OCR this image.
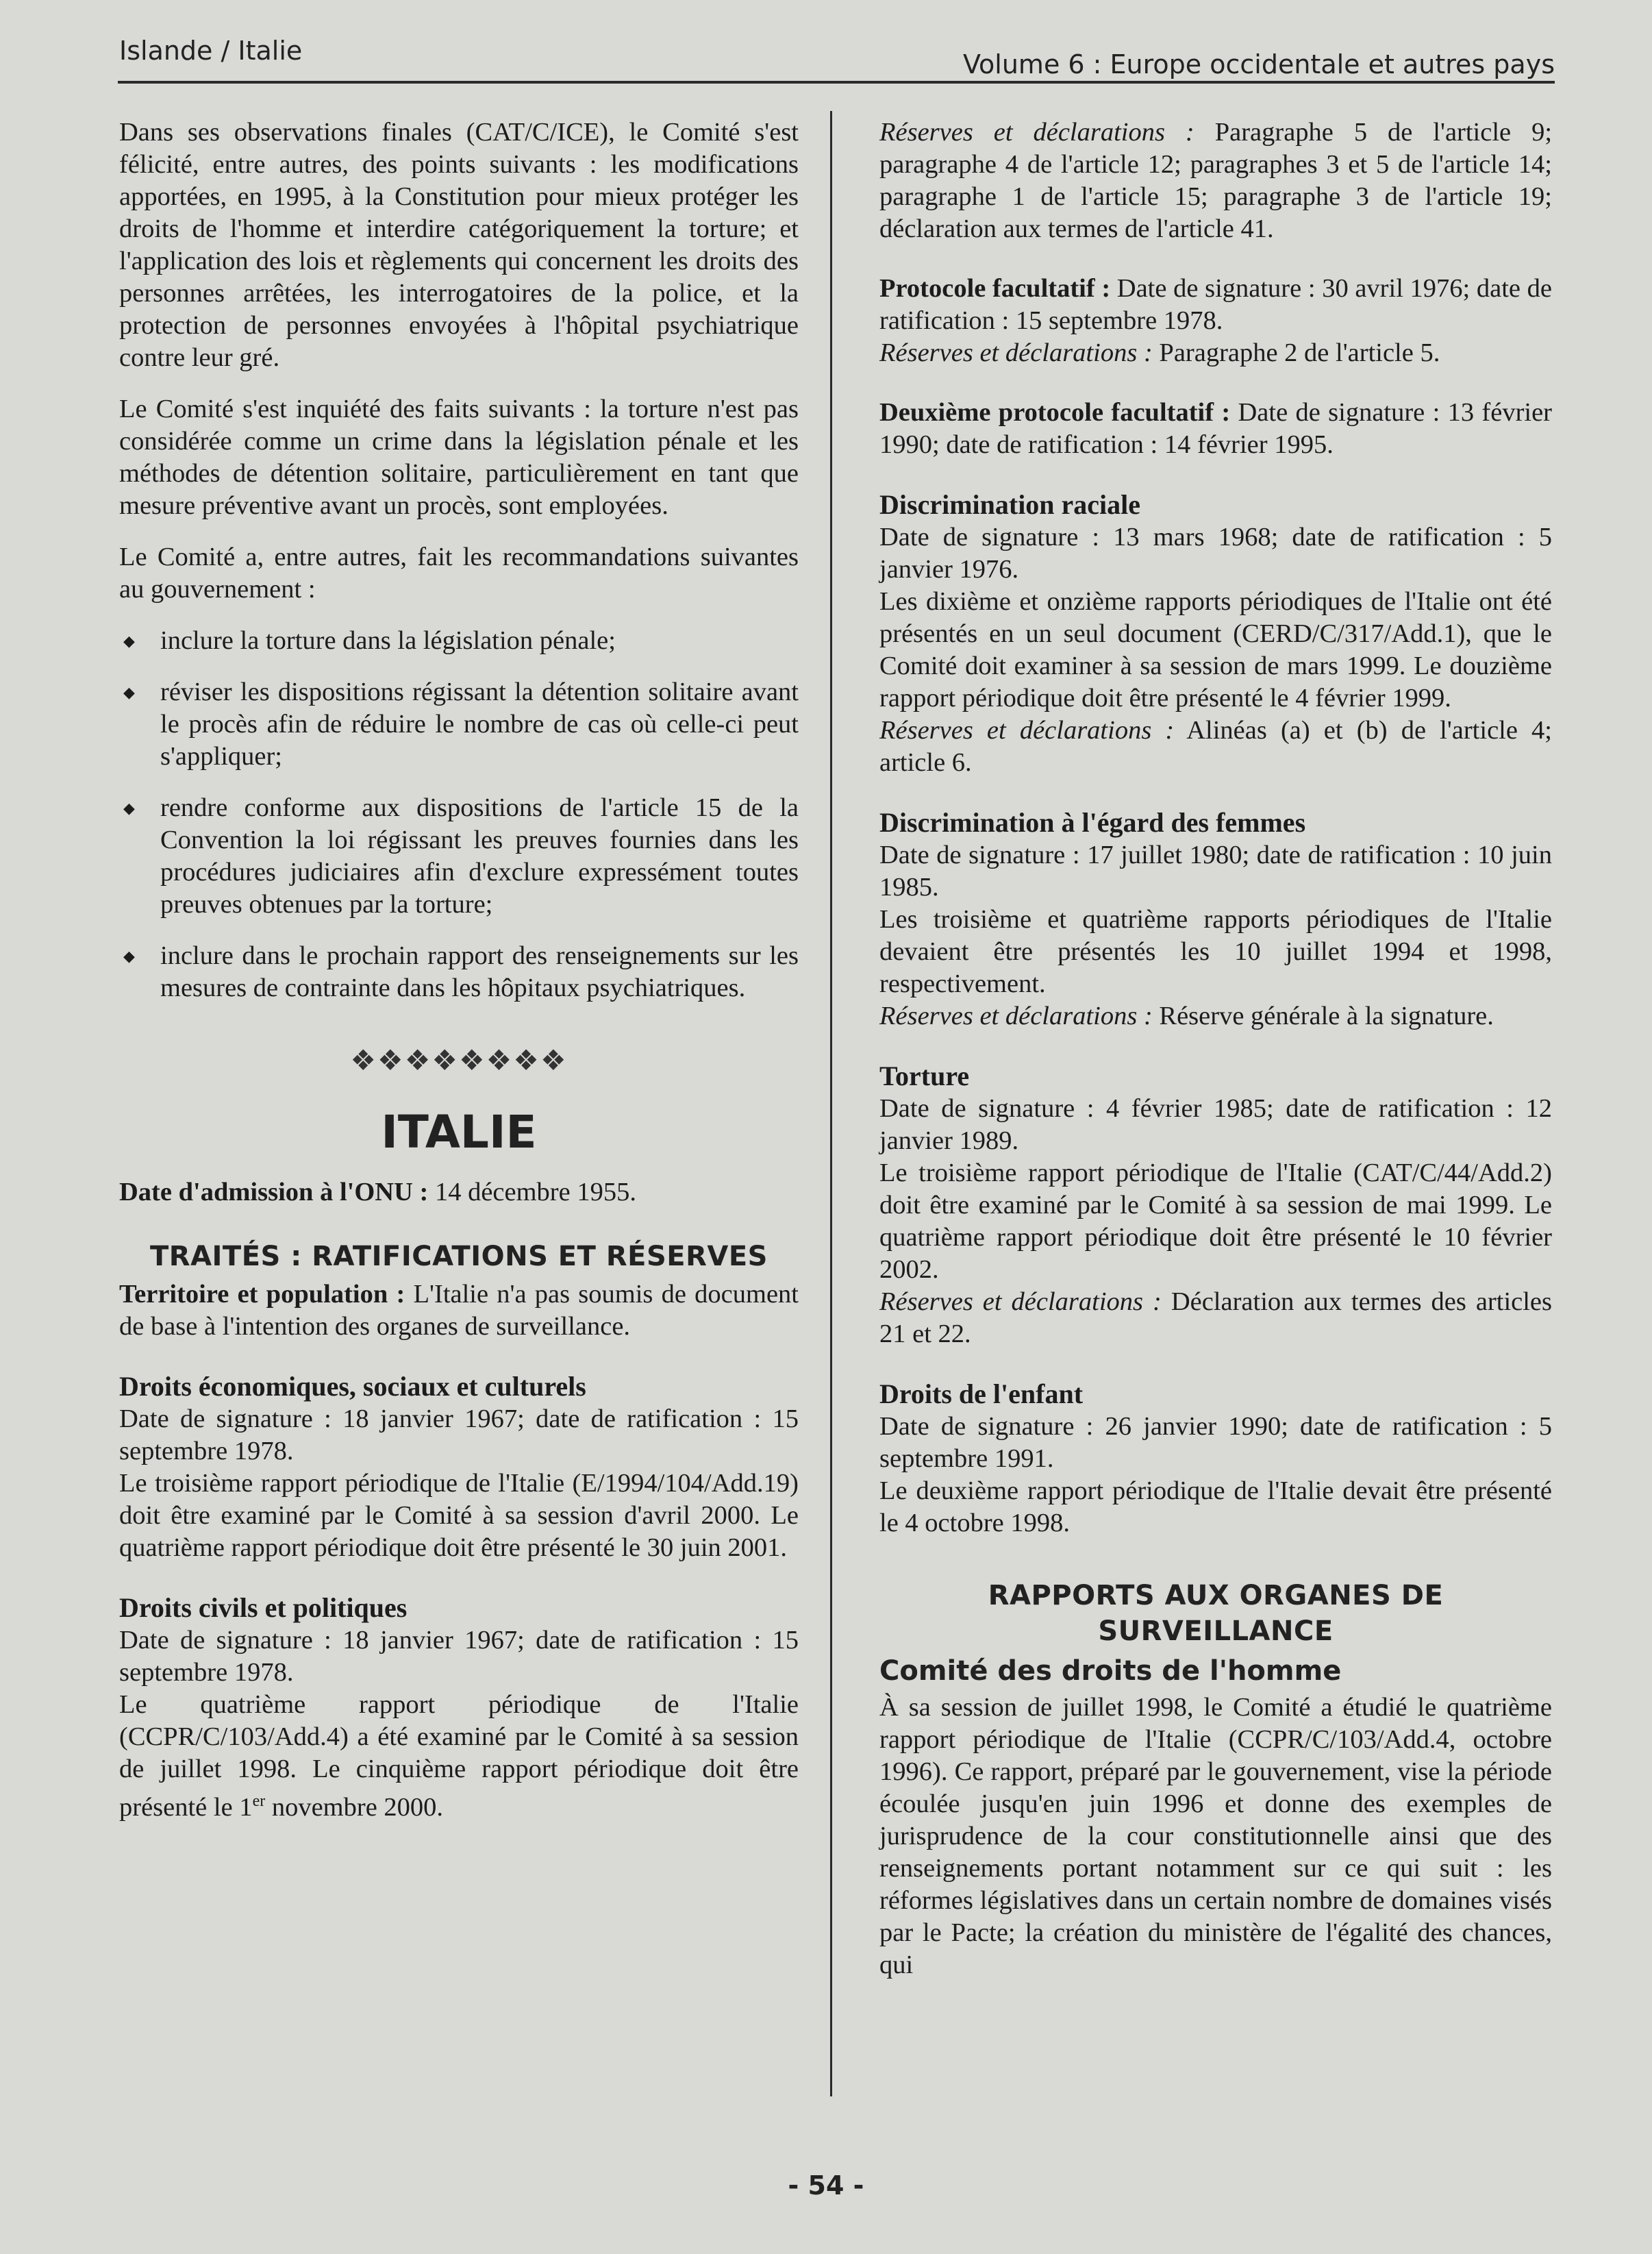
Islande / Italie	Volume 6 : Europe occidentale et autres pays

Dans ses observations finales (CAT/C/ICE), le Comité s'est félicité, entre autres, des points suivants : les modifications apportées, en 1995, à la Constitution pour mieux protéger les droits de l'homme et interdire catégoriquement la torture; et l'application des lois et règlements qui concernent les droits des personnes arrêtées, les interrogatoires de la police, et la protection de personnes envoyées à l'hôpital psychiatrique contre leur gré.

Le Comité s'est inquiété des faits suivants : la torture n'est pas considérée comme un crime dans la législation pénale et les méthodes de détention solitaire, particulièrement en tant que mesure préventive avant un procès, sont employées.

Le Comité a, entre autres, fait les recommandations suivantes au gouvernement :

◆ inclure la torture dans la législation pénale;
◆ réviser les dispositions régissant la détention solitaire avant le procès afin de réduire le nombre de cas où celle-ci peut s'appliquer;
◆ rendre conforme aux dispositions de l'article 15 de la Convention la loi régissant les preuves fournies dans les procédures judiciaires afin d'exclure expressément toutes preuves obtenues par la torture;
◆ inclure dans le prochain rapport des renseignements sur les mesures de contrainte dans les hôpitaux psychiatriques.
❖❖❖❖❖❖❖❖
ITALIE

Date d'admission à l'ONU : 14 décembre 1955.

TRAITÉS : RATIFICATIONS ET RÉSERVES

Territoire et population : L'Italie n'a pas soumis de document de base à l'intention des organes de surveillance.

Droits économiques, sociaux et culturels

Date de signature : 18 janvier 1967; date de ratification : 15 septembre 1978.

Le troisième rapport périodique de l'Italie (E/1994/104/Add.19) doit être examiné par le Comité à sa session d'avril 2000. Le quatrième rapport périodique doit être présenté le 30 juin 2001.

Droits civils et politiques

Date de signature : 18 janvier 1967; date de ratification : 15 septembre 1978.

Le quatrième rapport périodique de l'Italie (CCPR/C/103/Add.4) a été examiné par le Comité à sa session de juillet 1998. Le cinquième rapport périodique doit être présenté le 1er novembre 2000.

Réserves et déclarations : Paragraphe 5 de l'article 9; paragraphe 4 de l'article 12; paragraphes 3 et 5 de l'article 14; paragraphe 1 de l'article 15; paragraphe 3 de l'article 19; déclaration aux termes de l'article 41.

Protocole facultatif : Date de signature : 30 avril 1976; date de ratification : 15 septembre 1978.

Réserves et déclarations : Paragraphe 2 de l'article 5.

Deuxième protocole facultatif : Date de signature : 13 février 1990; date de ratification : 14 février 1995.

Discrimination raciale

Date de signature : 13 mars 1968; date de ratification : 5 janvier 1976.

Les dixième et onzième rapports périodiques de l'Italie ont été présentés en un seul document (CERD/C/317/Add.1), que le Comité doit examiner à sa session de mars 1999. Le douzième rapport périodique doit être présenté le 4 février 1999.

Réserves et déclarations : Alinéas (a) et (b) de l'article 4; article 6.

Discrimination à l'égard des femmes

Date de signature : 17 juillet 1980; date de ratification : 10 juin 1985.

Les troisième et quatrième rapports périodiques de l'Italie devaient être présentés les 10 juillet 1994 et 1998, respectivement.

Réserves et déclarations : Réserve générale à la signature.

Torture

Date de signature : 4 février 1985; date de ratification : 12 janvier 1989.

Le troisième rapport périodique de l'Italie (CAT/C/44/Add.2) doit être examiné par le Comité à sa session de mai 1999. Le quatrième rapport périodique doit être présenté le 10 février 2002.

Réserves et déclarations : Déclaration aux termes des articles 21 et 22.

Droits de l'enfant

Date de signature : 26 janvier 1990; date de ratification : 5 septembre 1991.

Le deuxième rapport périodique de l'Italie devait être présenté le 4 octobre 1998.

RAPPORTS AUX ORGANES DE SURVEILLANCE
Comité des droits de l'homme

À sa session de juillet 1998, le Comité a étudié le quatrième rapport périodique de l'Italie (CCPR/C/103/Add.4, octobre 1996). Ce rapport, préparé par le gouvernement, vise la période écoulée jusqu'en juin 1996 et donne des exemples de jurisprudence de la cour constitutionnelle ainsi que des renseignements portant notamment sur ce qui suit : les réformes législatives dans un certain nombre de domaines visés par le Pacte; la création du ministère de l'égalité des chances, qui

- 54 -
